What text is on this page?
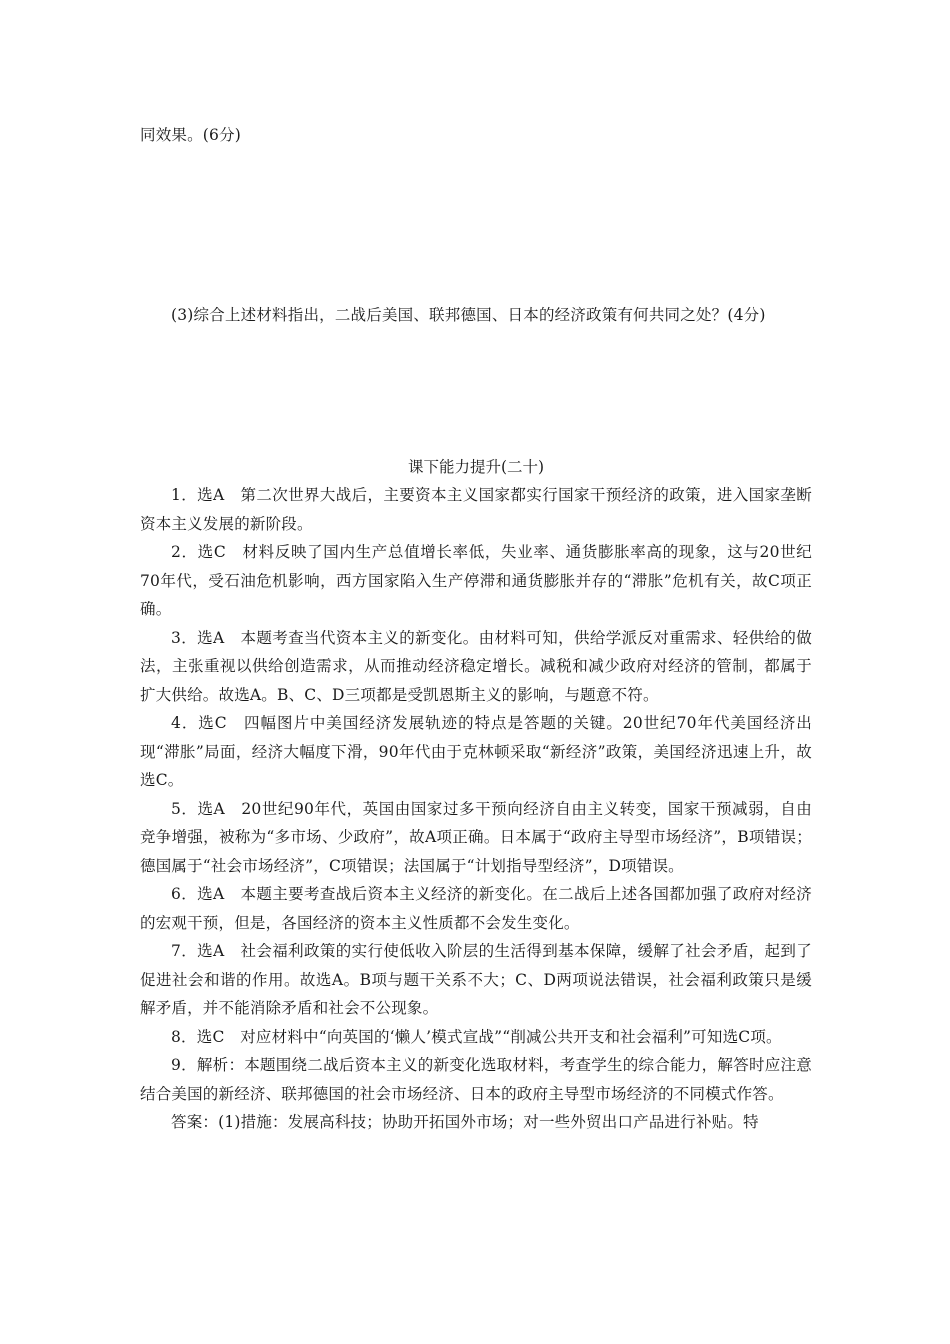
同效果。(6分)

(3)综合上述材料指出，二战后美国、联邦德国、日本的经济政策有何共同之处？(4分)

课下能力提升(二十)

1．选A　第二次世界大战后，主要资本主义国家都实行国家干预经济的政策，进入国家垄断资本主义发展的新阶段。

2．选C　材料反映了国内生产总值增长率低，失业率、通货膨胀率高的现象，这与20世纪70年代，受石油危机影响，西方国家陷入生产停滞和通货膨胀并存的“滞胀”危机有关，故C项正确。

3．选A　本题考查当代资本主义的新变化。由材料可知，供给学派反对重需求、轻供给的做法，主张重视以供给创造需求，从而推动经济稳定增长。减税和减少政府对经济的管制，都属于扩大供给。故选A。B、C、D三项都是受凯恩斯主义的影响，与题意不符。

4．选C　四幅图片中美国经济发展轨迹的特点是答题的关键。20世纪70年代美国经济出现“滞胀”局面，经济大幅度下滑，90年代由于克林顿采取“新经济”政策，美国经济迅速上升，故选C。

5．选A　20世纪90年代，英国由国家过多干预向经济自由主义转变，国家干预减弱，自由竞争增强，被称为“多市场、少政府”，故A项正确。日本属于“政府主导型市场经济”，B项错误；德国属于“社会市场经济”，C项错误；法国属于“计划指导型经济”，D项错误。

6．选A　本题主要考查战后资本主义经济的新变化。在二战后上述各国都加强了政府对经济的宏观干预，但是，各国经济的资本主义性质都不会发生变化。

7．选A　社会福利政策的实行使低收入阶层的生活得到基本保障，缓解了社会矛盾，起到了促进社会和谐的作用。故选A。B项与题干关系不大；C、D两项说法错误，社会福利政策只是缓解矛盾，并不能消除矛盾和社会不公现象。

8．选C　对应材料中“向英国的‘懒人’模式宣战”“削减公共开支和社会福利”可知选C项。

9．解析：本题围绕二战后资本主义的新变化选取材料，考查学生的综合能力，解答时应注意结合美国的新经济、联邦德国的社会市场经济、日本的政府主导型市场经济的不同模式作答。

答案：(1)措施：发展高科技；协助开拓国外市场；对一些外贸出口产品进行补贴。特
